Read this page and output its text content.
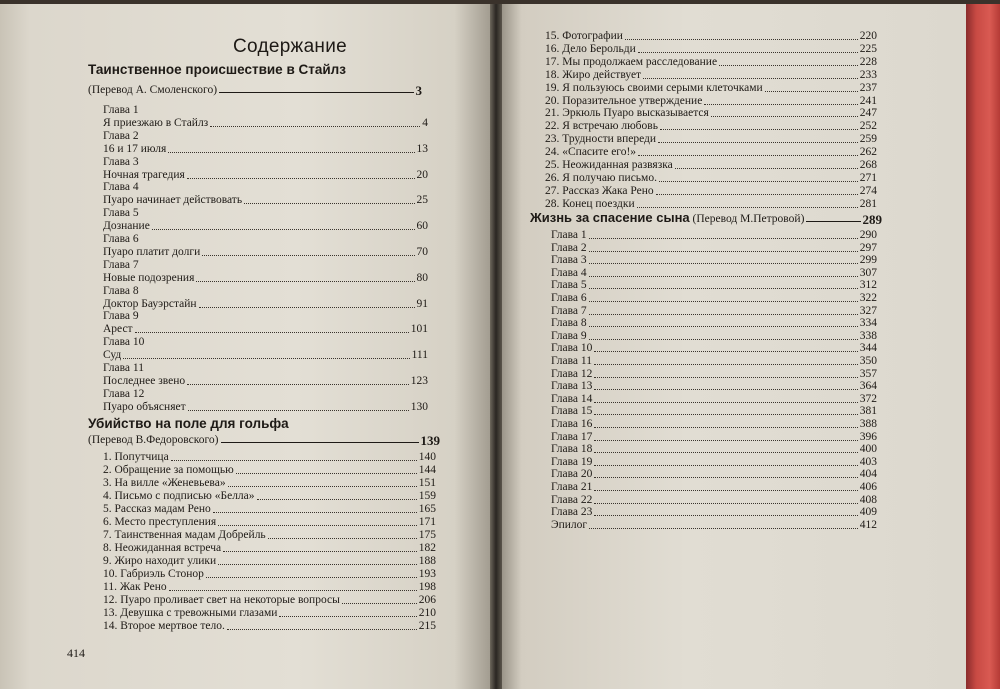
Содержание
Таинственное происшествие в Стайлз
(Перевод А. Смоленского)	3
Глава 1
Я приезжаю в Стайлз	4
Глава 2
16 и 17 июля	13
Глава 3
Ночная трагедия	20
Глава 4
Пуаро начинает действовать	25
Глава 5
Дознание	60
Глава 6
Пуаро платит долги	70
Глава 7
Новые подозрения	80
Глава 8
Доктор Бауэрстайн	91
Глава 9
Арест	101
Глава 10
Суд	111
Глава 11
Последнее звено	123
Глава 12
Пуаро объясняет	130
Убийство на поле для гольфа
(Перевод В.Федоровского)	139
1. Попутчица	140
2. Обращение за помощью	144
3. На вилле «Женевьева»	151
4. Письмо с подписью «Белла»	159
5. Рассказ мадам Рено	165
6. Место преступления	171
7. Таинственная мадам Добрейль	175
8. Неожиданная встреча	182
9. Жиро находит улики	188
10. Габриэль Стонор	193
11. Жак Рено	198
12. Пуаро проливает свет на некоторые вопросы	206
13. Девушка с тревожными глазами	210
14. Второе мертвое тело.	215
414
15. Фотографии	220
16. Дело Берольди	225
17. Мы продолжаем расследование	228
18. Жиро действует	233
19. Я пользуюсь своими серыми клеточками	237
20. Поразительное утверждение	241
21. Эркюль Пуаро высказывается	247
22. Я встречаю любовь	252
23. Трудности впереди	259
24. «Спасите его!»	262
25. Неожиданная развязка	268
26. Я получаю письмо.	271
27. Рассказ Жака Рено	274
28. Конец поездки	281
Жизнь за спасение сына (Перевод М.Петровой)	289
Глава 1	290
Глава 2	297
Глава 3	299
Глава 4	307
Глава 5	312
Глава 6	322
Глава 7	327
Глава 8	334
Глава 9	338
Глава 10	344
Глава 11	350
Глава 12	357
Глава 13	364
Глава 14	372
Глава 15	381
Глава 16	388
Глава 17	396
Глава 18	400
Глава 19	403
Глава 20	404
Глава 21	406
Глава 22	408
Глава 23	409
Эпилог	412
